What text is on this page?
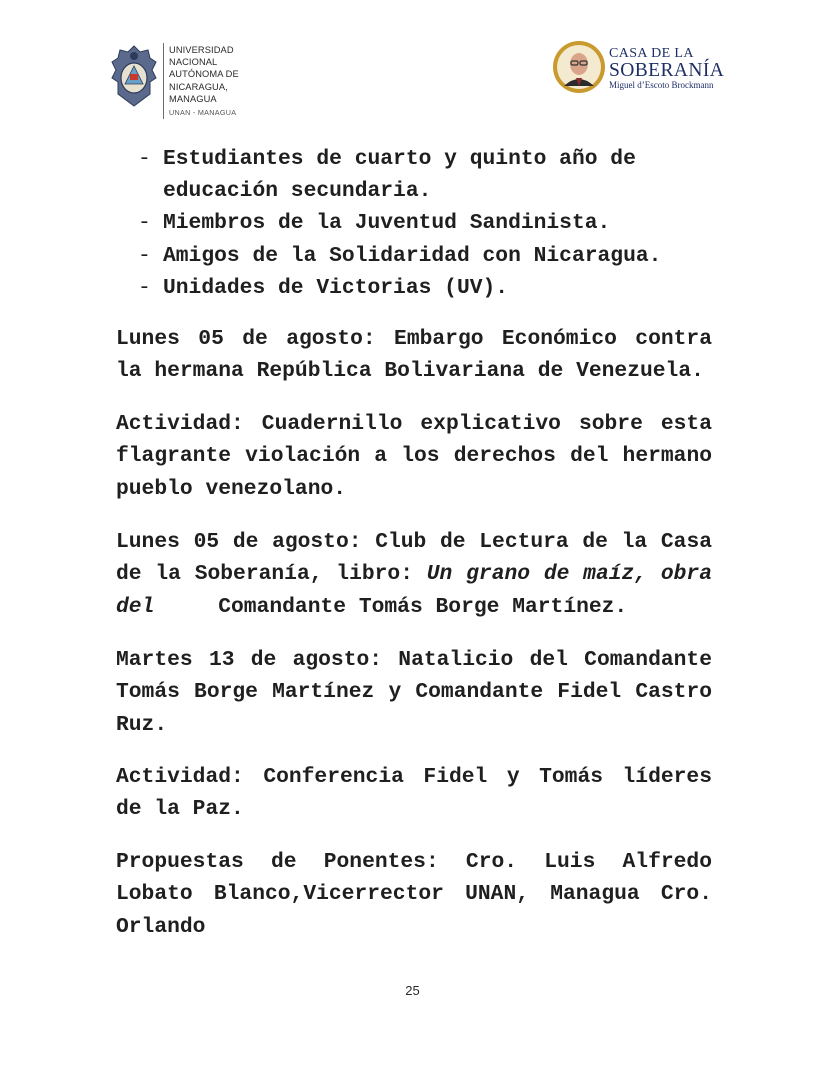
UNIVERSIDAD
NACIONAL
AUTÓNOMA DE
NICARAGUA,
MANAGUA
UNAN - MANAGUA
CASA DE LA
SOBERANÍA
Miguel d’Escoto Brockmann

- Estudiantes de cuarto y quinto año de educación secundaria.

- Miembros de la Juventud Sandinista.

- Amigos de la Solidaridad con Nicaragua.

- Unidades de Victorias (UV).

Lunes 05 de agosto: Embargo Económico contra la hermana República Bolivariana de Venezuela.

Actividad: Cuadernillo explicativo sobre esta flagrante violación a los derechos del hermano pueblo venezolano.

Lunes 05 de agosto: Club de Lectura de la Casa de la Soberanía, libro: Un grano de maíz, obra del	Comandante Tomás Borge Martínez.

Martes 13 de agosto: Natalicio del Comandante Tomás Borge Martínez y Comandante Fidel Castro Ruz.

Actividad: Conferencia Fidel y Tomás líderes de la Paz.

Propuestas de Ponentes: Cro. Luis Alfredo Lobato Blanco,Vicerrector UNAN, Managua Cro. Orlando

25
